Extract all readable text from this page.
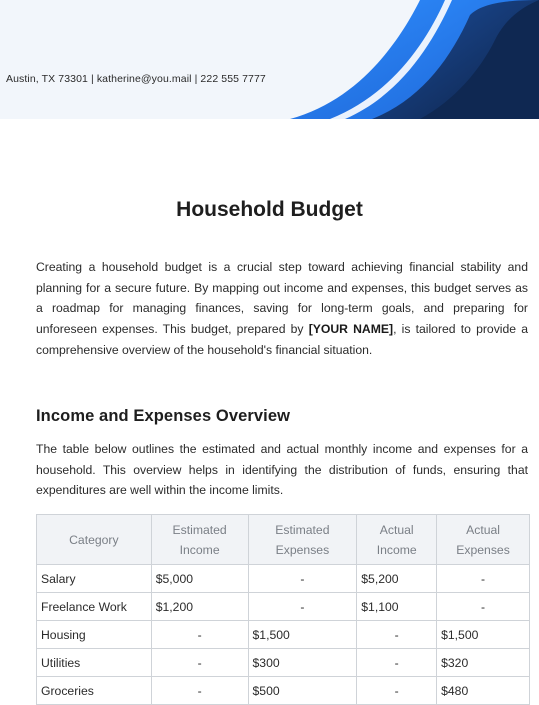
Austin, TX 73301 | katherine@you.mail | 222 555 7777
Household Budget

Creating a household budget is a crucial step toward achieving financial stability and planning for a secure future. By mapping out income and expenses, this budget serves as a roadmap for managing finances, saving for long-term goals, and preparing for unforeseen expenses. This budget, prepared by [YOUR NAME], is tailored to provide a comprehensive overview of the household's financial situation.

Income and Expenses Overview

The table below outlines the estimated and actual monthly income and expenses for a household. This overview helps in identifying the distribution of funds, ensuring that expenditures are well within the income limits.

Category	Estimated Income	Estimated Expenses	Actual Income	Actual Expenses
Salary	$5,000	-	$5,200	-
Freelance Work	$1,200	-	$1,100	-
Housing	-	$1,500	-	$1,500
Utilities	-	$300	-	$320
Groceries	-	$500	-	$480
